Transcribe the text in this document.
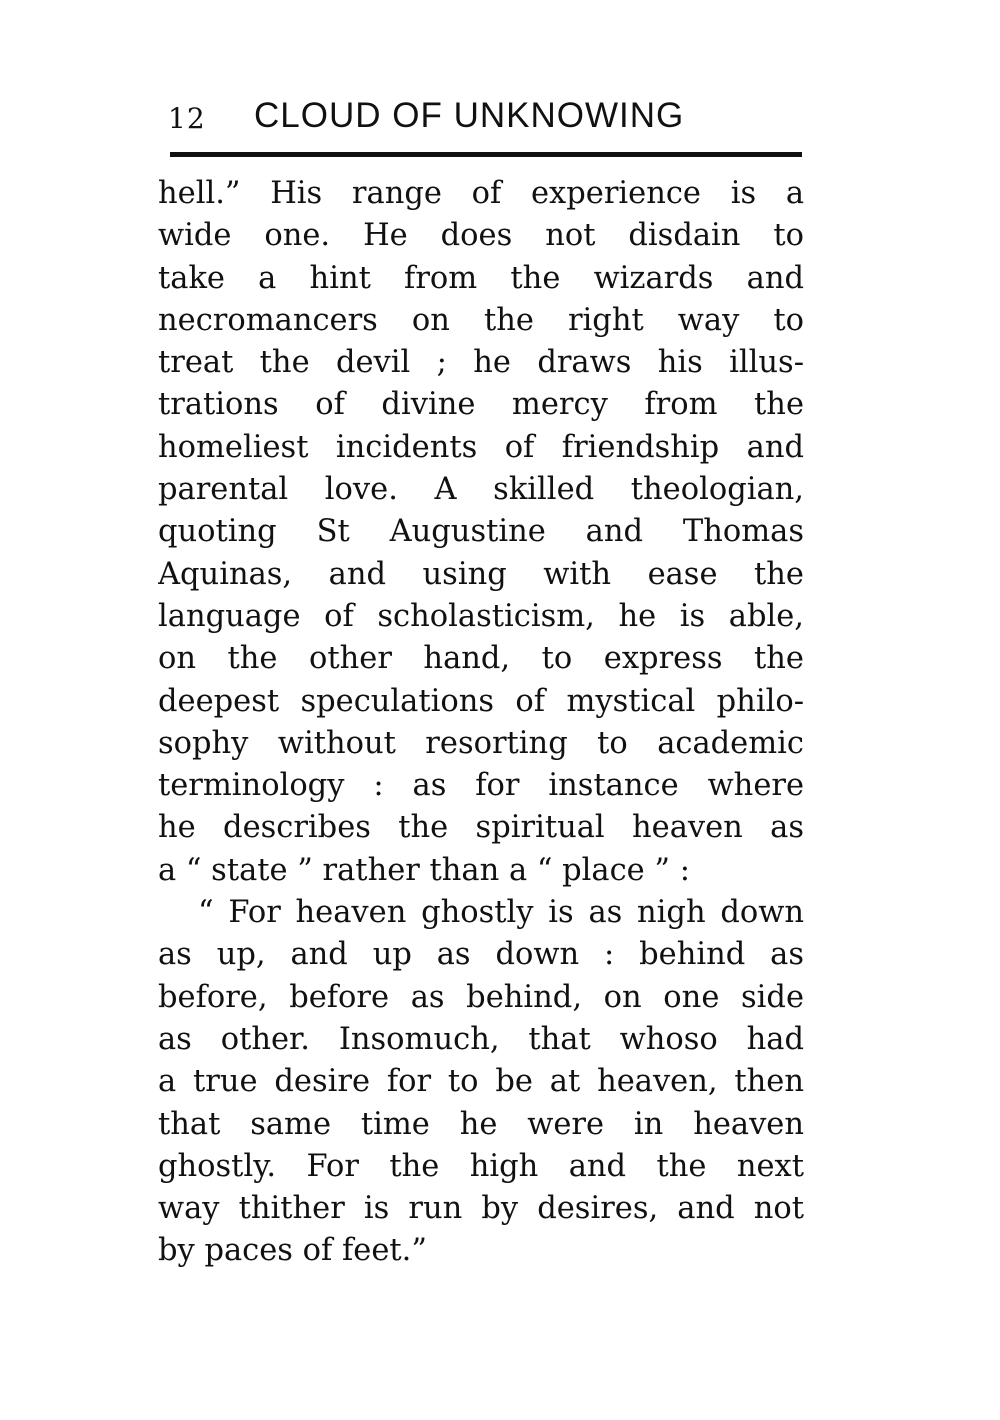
12 CLOUD OF UNKNOWING
hell.” His range of experience is a
wide one. He does not disdain to
take a hint from the wizards and
necromancers on the right way to
treat the devil ; he draws his illus-
trations of divine mercy from the
homeliest incidents of friendship and
parental love. A skilled theologian,
quoting St Augustine and Thomas
Aquinas, and using with ease the
language of scholasticism, he is able,
on the other hand, to express the
deepest speculations of mystical philo-
sophy without resorting to academic
terminology : as for instance where
he describes the spiritual heaven as
a “ state ” rather than a “ place ” :
“ For heaven ghostly is as nigh down
as up, and up as down : behind as
before, before as behind, on one side
as other. Insomuch, that whoso had
a true desire for to be at heaven, then
that same time he were in heaven
ghostly. For the high and the next
way thither is run by desires, and not
by paces of feet.”
